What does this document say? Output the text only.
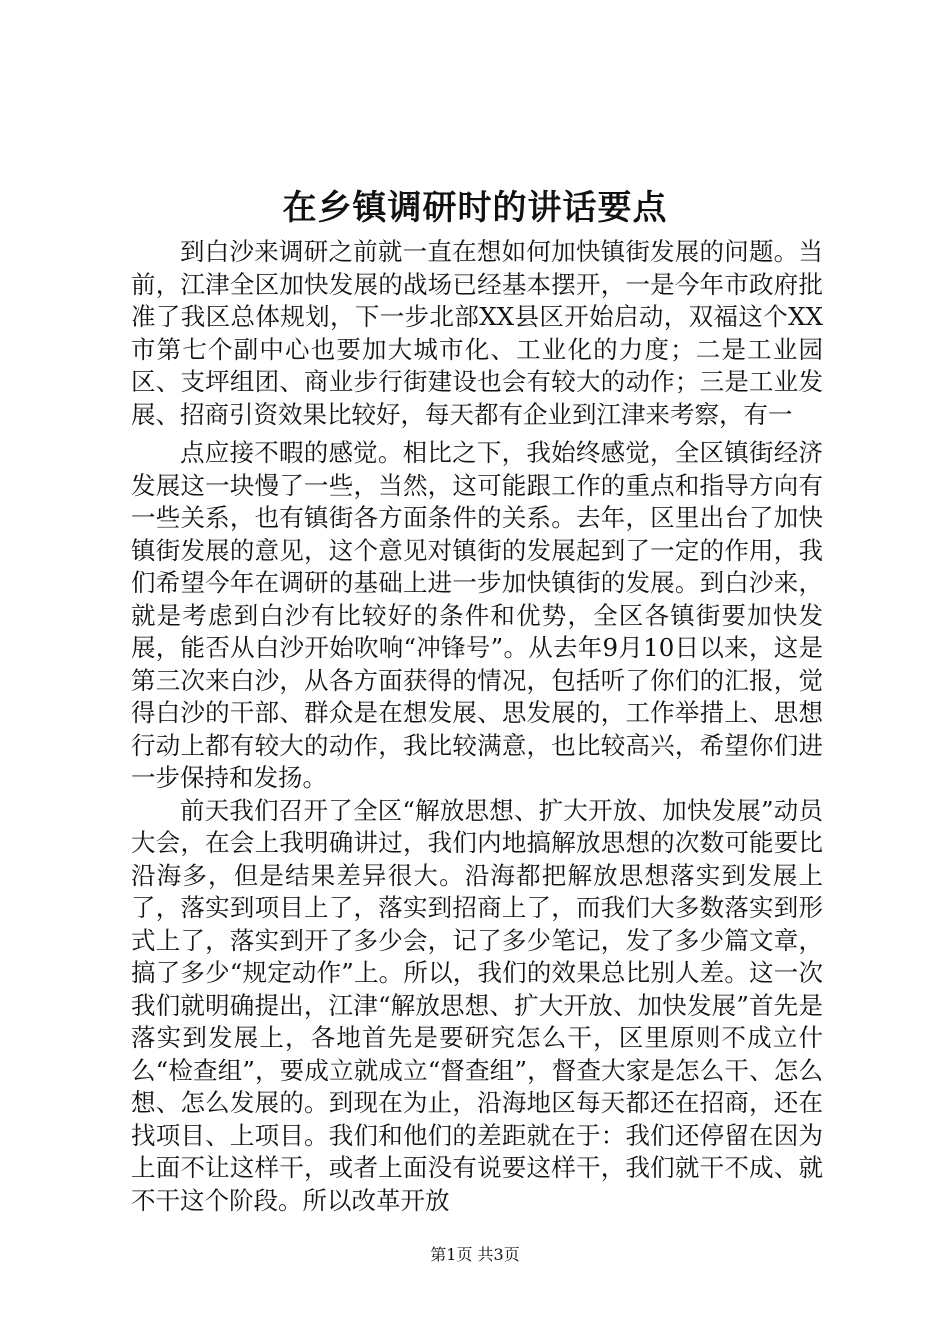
在乡镇调研时的讲话要点

到白沙来调研之前就一直在想如何加快镇街发展的问题。当前，江津全区加快发展的战场已经基本摆开，一是今年市政府批准了我区总体规划，下一步北部XX县区开始启动，双福这个XX市第七个副中心也要加大城市化、工业化的力度；二是工业园区、支坪组团、商业步行街建设也会有较大的动作；三是工业发展、招商引资效果比较好，每天都有企业到江津来考察，有一

点应接不暇的感觉。相比之下，我始终感觉，全区镇街经济发展这一块慢了一些，当然，这可能跟工作的重点和指导方向有一些关系，也有镇街各方面条件的关系。去年，区里出台了加快镇街发展的意见，这个意见对镇街的发展起到了一定的作用，我们希望今年在调研的基础上进一步加快镇街的发展。到白沙来，就是考虑到白沙有比较好的条件和优势，全区各镇街要加快发展，能否从白沙开始吹响“冲锋号”。从去年9月10日以来，这是第三次来白沙，从各方面获得的情况，包括听了你们的汇报，觉得白沙的干部、群众是在想发展、思发展的，工作举措上、思想行动上都有较大的动作，我比较满意，也比较高兴，希望你们进一步保持和发扬。

前天我们召开了全区“解放思想、扩大开放、加快发展”动员大会，在会上我明确讲过，我们内地搞解放思想的次数可能要比沿海多，但是结果差异很大。沿海都把解放思想落实到发展上了，落实到项目上了，落实到招商上了，而我们大多数落实到形式上了，落实到开了多少会，记了多少笔记，发了多少篇文章，搞了多少“规定动作”上。所以，我们的效果总比别人差。这一次我们就明确提出，江津“解放思想、扩大开放、加快发展”首先是落实到发展上，各地首先是要研究怎么干，区里原则不成立什么“检查组”，要成立就成立“督查组”，督查大家是怎么干、怎么想、怎么发展的。到现在为止，沿海地区每天都还在招商，还在找项目、上项目。我们和他们的差距就在于：我们还停留在因为上面不让这样干，或者上面没有说要这样干，我们就干不成、就不干这个阶段。所以改革开放

第1页 共3页
